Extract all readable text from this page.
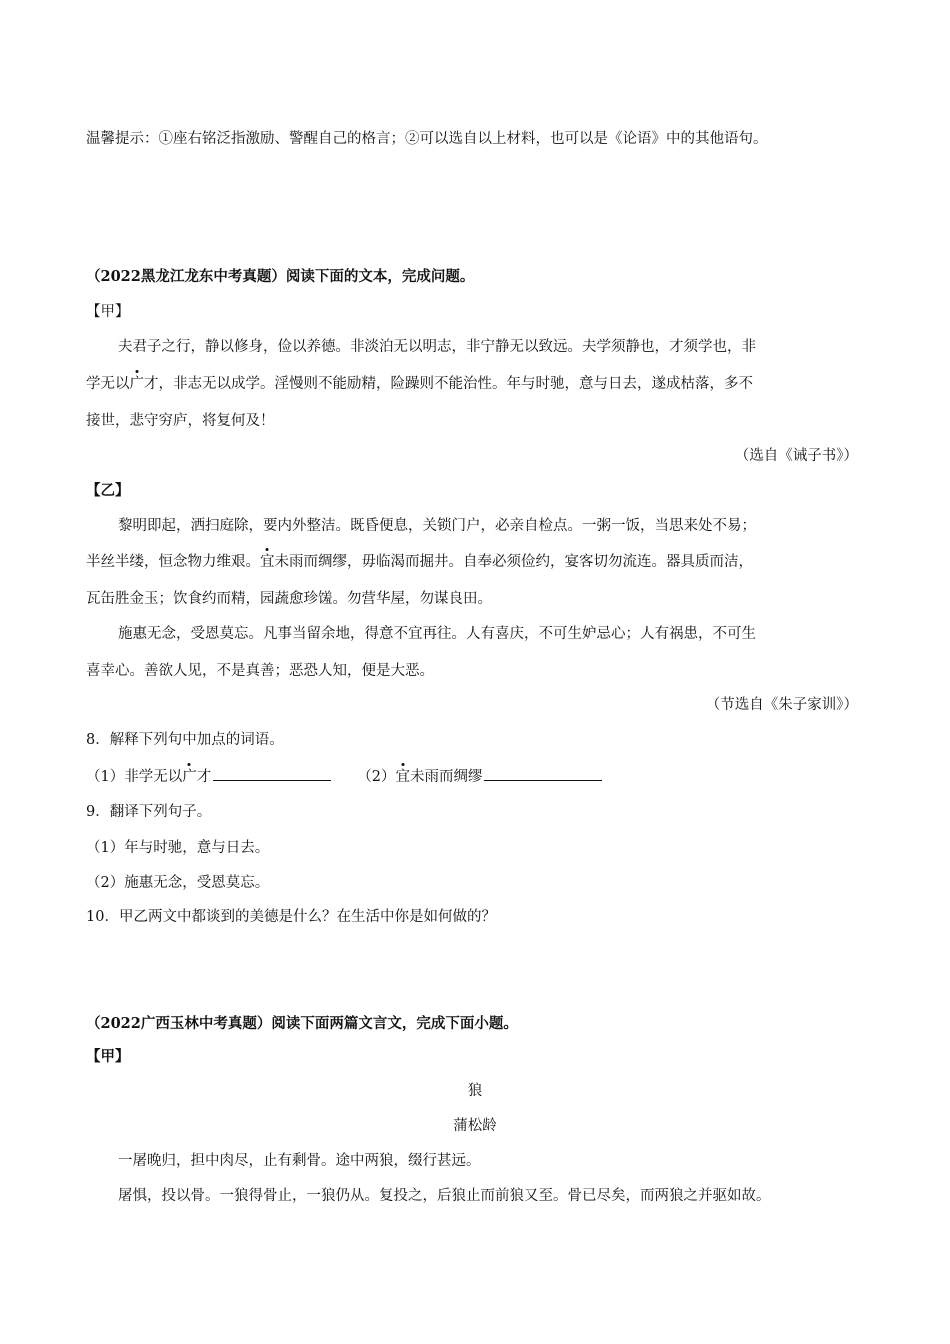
温馨提示：①座右铭泛指激励、警醒自己的格言；②可以选自以上材料，也可以是《论语》中的其他语句。
（2022黑龙江龙东中考真题）阅读下面的文本，完成问题。
【甲】
夫君子之行，静以修身，俭以养德。非淡泊无以明志，非宁静无以致远。夫学须静也，才须学也，非
学无以广才，非志无以成学。淫慢则不能励精，险躁则不能治性。年与时驰，意与日去，遂成枯落，多不
接世，悲守穷庐，将复何及！
（选自《诫子书》）
【乙】
黎明即起，洒扫庭除，要内外整洁。既昏便息，关锁门户，必亲自检点。一粥一饭，当思来处不易；
半丝半缕，恒念物力维艰。宜未雨而绸缪，毋临渴而掘井。自奉必须俭约，宴客切勿流连。器具质而洁，
瓦缶胜金玉；饮食约而精，园蔬愈珍馐。勿营华屋，勿谋良田。
施惠无念，受恩莫忘。凡事当留余地，得意不宜再往。人有喜庆，不可生妒忌心；人有祸患，不可生
喜幸心。善欲人见，不是真善；恶恐人知，便是大恶。
（节选自《朱子家训》）
8．解释下列句中加点的词语。
（1）非学无以广才	（2）宜未雨而绸缪
9．翻译下列句子。
（1）年与时驰，意与日去。
（2）施惠无念，受恩莫忘。
10．甲乙两文中都谈到的美德是什么？在生活中你是如何做的？
（2022广西玉林中考真题）阅读下面两篇文言文，完成下面小题。
【甲】
狼
蒲松龄
一屠晚归，担中肉尽，止有剩骨。途中两狼，缀行甚远。
屠惧，投以骨。一狼得骨止，一狼仍从。复投之，后狼止而前狼又至。骨已尽矣，而两狼之并驱如故。
